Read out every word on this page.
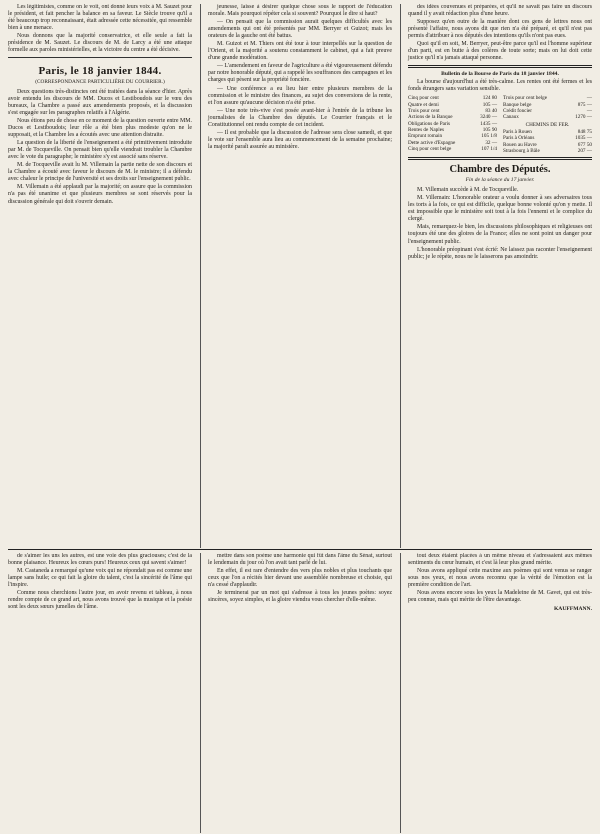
Les légitimistes, comme on le voit, ont donné leurs voix à M. Sauzet pour le président, et fait pencher la balance en sa faveur. Le Siècle trouve qu'il a été beaucoup trop reconnaissant, était adressée cette nécessitée, qui ressemble bien à une menace.

Nous donnons que la majorité conservatrice, et elle seule a fait la présidence de M. Sauzet. Le discours de M. de Larcy a été une attaque formelle aux paroles ministérielles, et la victoire du centre a été décisive.

Paris, le 18 janvier 1844.
(CORRESPONDANCE PARTICULIÈRE DU COURRIER.)

Deux questions très-distinctes ont été traitées dans la séance d'hier. Après avoir entendu les discours de MM. Ducos et Lestiboudois sur le vœu des bureaux, la Chambre a passé aux amendements proposés, et la discussion s'est engagée sur les paragraphes relatifs à l'Algérie.

Nous étions peu de chose en ce moment de la question ouverte entre MM. Ducos et Lestiboudois; leur rôle a été bien plus modeste qu'on ne le supposait, et la Chambre les a écoutés avec une attention distraite.

La question de la liberté de l'enseignement a été primitivement introduite par M. de Tocqueville. On pensait bien qu'elle viendrait troubler la Chambre avec le vote du paragraphe; le ministère s'y est associé sans réserve.

M. de Tocqueville avait lu M. Villemain la partie nette de son discours et la Chambre a écouté avec faveur le discours de M. le ministre; il a défendu avec chaleur le principe de l'université et ses droits sur l'enseignement public.

M. Villemain a été applaudi par la majorité; on assure que la commission n'a pas été unanime et que plusieurs membres se sont réservés pour la discussion générale qui doit s'ouvrir demain.

jeunesse, laisse à désirer quelque chose sous le rapport de l'éducation morale. Mais pourquoi répéter cela si souvent? Pourquoi le dire si haut?

— On pensait que la commission aurait quelques difficultés avec les amendements qui ont été présentés par MM. Berryer et Guizot; mais les orateurs de la gauche ont été battus.

M. Guizot et M. Thiers ont été tour à tour interpellés sur la question de l'Orient, et la majorité a soutenu constamment le cabinet, qui a fait preuve d'une grande modération.

— L'amendement en faveur de l'agriculture a été vigoureusement défendu par notre honorable député, qui a rappelé les souffrances des campagnes et les charges qui pèsent sur la propriété foncière.

— Une conférence a eu lieu hier entre plusieurs membres de la commission et le ministre des finances, au sujet des conversions de la rente, et l'on assure qu'aucune décision n'a été prise.

— Une note très-vive s'est posée avant-hier à l'entrée de la tribune les journalistes de la Chambre des députés. Le Courrier français et le Constitutionnel ont rendu compte de cet incident.

— Il est probable que la discussion de l'adresse sera close samedi, et que le vote sur l'ensemble aura lieu au commencement de la semaine prochaine; la majorité paraît assurée au ministère.

des idées couvenues et préparées, et qu'il ne savait pas faire un discours quand il y avait rédaction plus d'une heure.

Supposez qu'en outre de la manière dont ces gens de lettres nous ont présenté l'affaire, nous ayons dit que rien n'a été préparé, et qu'il n'est pas permis d'attribuer à nos députés des intentions qu'ils n'ont pas eues.

Quoi qu'il en soit, M. Berryer, peut-être parce qu'il est l'homme supérieur d'un parti, est en butte à des colères de toute sorte; mais on lui doit cette justice qu'il n'a jamais attaqué personne.

Bulletin de la Bourse de Paris du 18 janvier 1844.

La bourse d'aujourd'hui a été très-calme. Les rentes ont été fermes et les fonds étrangers sans variation sensible.

Cinq pour cent	124 80
Quatre et demi	105 —
Trois pour cent	83 40
Actions de la Banque	3240 —
Obligations de Paris	1435 —
Rentes de Naples	105 90
Emprunt romain	105 1/8
Dette active d'Espagne	32 —
Cinq pour cent belge	107 1/4
Trois pour cent belge	—
Banque belge	875 —
Crédit foncier	—
Canaux	1270 —
CHEMINS DE FER.
Paris à Rouen	848 75
Paris à Orléans	1035 —
Rouen au Havre	677 50
Strasbourg à Bâle	207 —
Chambre des Députés.
Fin de la séance du 17 janvier.

M. Villemain succède à M. de Tocqueville.

M. Villemain: L'honorable orateur a voulu donner à ses adversaires tous les torts à la fois, ce qui est difficile, quelque bonne volonté qu'on y mette. Il est impossible que le ministère soit tout à la fois l'ennemi et le complice du clergé.

Mais, remarquez-le bien, les discussions philosophiques et religieuses ont toujours été une des gloires de la France; elles ne sont point un danger pour l'enseignement public.

L'honorable préopinant s'est écrié: Ne laissez pas raconter l'enseignement public; je le répète, nous ne le laisserons pas amoindrir.

de s'aimer les uns les autres, est une voie des plus graciouses; c'est de la bonne plaisance. Heureux les cœurs purs! Heureux ceux qui savent s'aimer!

M. Castaneda a remarqué qu'une voix qui ne répondait pas est comme une lampe sans huile; ce qui fait la gloire du talent, c'est la sincérité de l'âme qui l'inspire.

Comme nous cherchions l'autre jour, en avoir revenu et tableau, à nous rendre compte de ce grand art, nous avons trouvé que la musique et la poésie sont les deux sœurs jumelles de l'âme.

mettre dans son poème une harmonie qui fût dans l'âme du Sénat, surtout le lendemain du jour où l'on avait tant parlé de lui.

En effet, il est rare d'entendre des vers plus nobles et plus touchants que ceux que l'on a récités hier devant une assemblée nombreuse et choisie, qui n'a cessé d'applaudir.

Je terminerai par un mot qui s'adresse à tous les jeunes poètes: soyez sincères, soyez simples, et la gloire viendra vous chercher d'elle-même.

tout deux étaient placées à un même niveau et s'adressaient aux mêmes sentiments du cœur humain, et c'est là leur plus grand mérite.

Nous avons appliqué cette maxime aux poèmes qui sont venus se ranger sous nos yeux, et nous avons reconnu que la vérité de l'émotion est la première condition de l'art.

Nous avons encore sous les yeux la Madeleine de M. Gavet, qui est très-peu connue, mais qui mérite de l'être davantage.

KAUFFMANN.
